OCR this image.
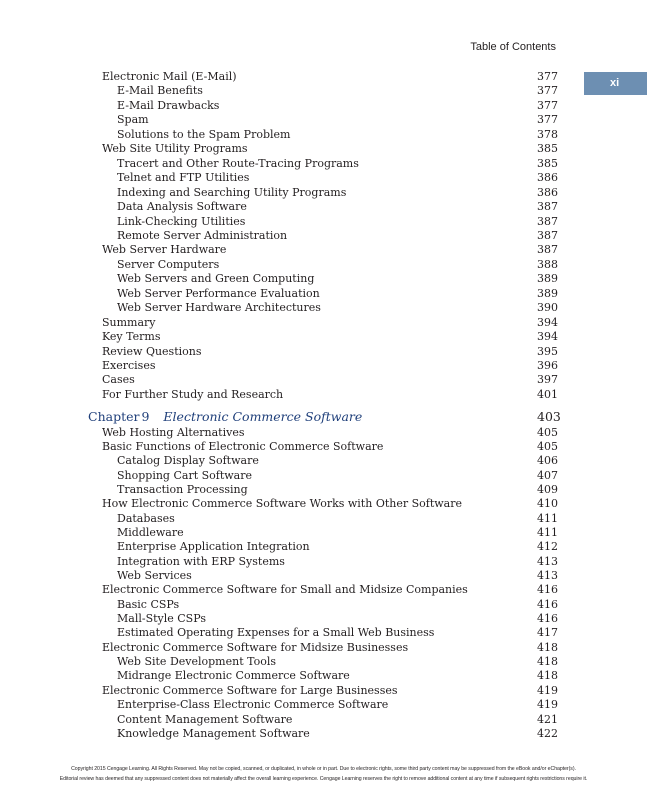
Table of Contents
xi
Electronic Mail (E-Mail)	377
E-Mail Benefits	377
E-Mail Drawbacks	377
Spam	377
Solutions to the Spam Problem	378
Web Site Utility Programs	385
Tracert and Other Route-Tracing Programs	385
Telnet and FTP Utilities	386
Indexing and Searching Utility Programs	386
Data Analysis Software	387
Link-Checking Utilities	387
Remote Server Administration	387
Web Server Hardware	387
Server Computers	388
Web Servers and Green Computing	389
Web Server Performance Evaluation	389
Web Server Hardware Architectures	390
Summary	394
Key Terms	394
Review Questions	395
Exercises	396
Cases	397
For Further Study and Research	401
Chapter 9 Electronic Commerce Software	403
Web Hosting Alternatives	405
Basic Functions of Electronic Commerce Software	405
Catalog Display Software	406
Shopping Cart Software	407
Transaction Processing	409
How Electronic Commerce Software Works with Other Software	410
Databases	411
Middleware	411
Enterprise Application Integration	412
Integration with ERP Systems	413
Web Services	413
Electronic Commerce Software for Small and Midsize Companies	416
Basic CSPs	416
Mall-Style CSPs	416
Estimated Operating Expenses for a Small Web Business	417
Electronic Commerce Software for Midsize Businesses	418
Web Site Development Tools	418
Midrange Electronic Commerce Software	418
Electronic Commerce Software for Large Businesses	419
Enterprise-Class Electronic Commerce Software	419
Content Management Software	421
Knowledge Management Software	422
Copyright 2015 Cengage Learning. All Rights Reserved. May not be copied, scanned, or duplicated, in whole or in part. Due to electronic rights, some third party content may be suppressed from the eBook and/or eChapter(s).
Editorial review has deemed that any suppressed content does not materially affect the overall learning experience. Cengage Learning reserves the right to remove additional content at any time if subsequent rights restrictions require it.
